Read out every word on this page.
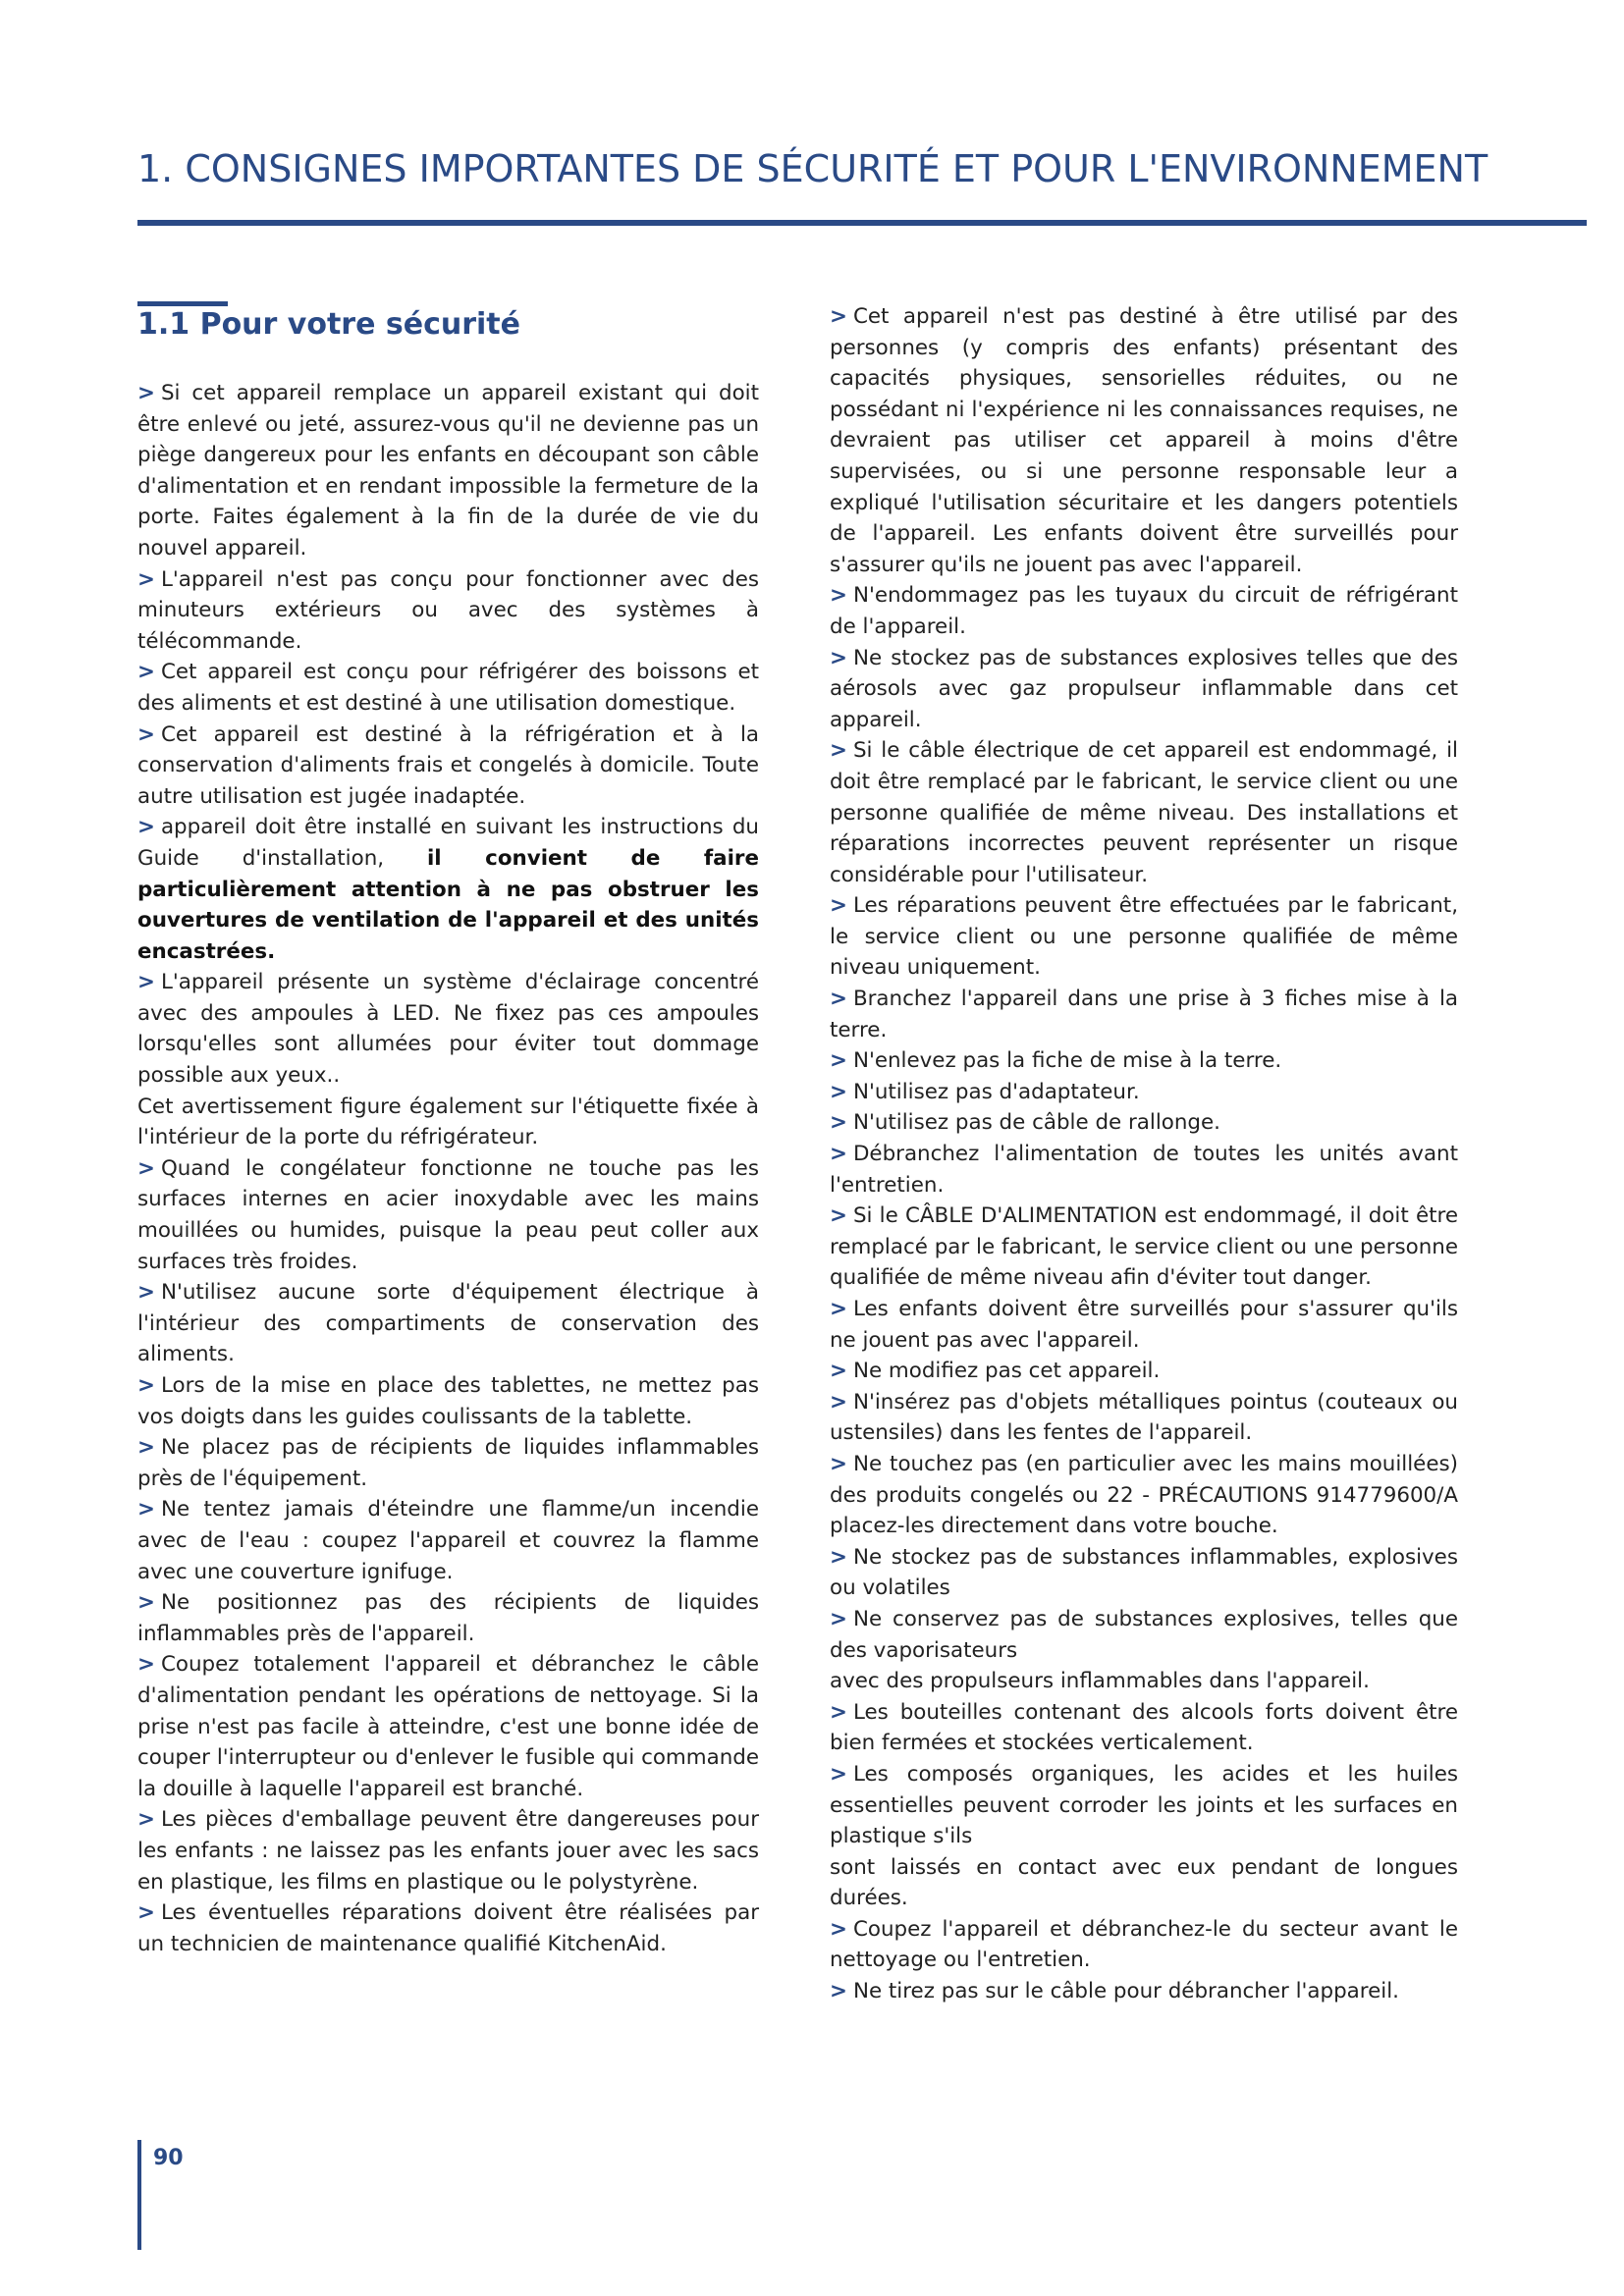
1. CONSIGNES IMPORTANTES DE SÉCURITÉ ET POUR L'ENVIRONNEMENT
1.1 Pour votre sécurité

> Si cet appareil remplace un appareil existant qui doit être enlevé ou jeté, assurez-vous qu'il ne devienne pas un piège dangereux pour les enfants en découpant son câble d'alimentation et en rendant impossible la fermeture de la porte. Faites également à la fin de la durée de vie du nouvel appareil.

> L'appareil n'est pas conçu pour fonctionner avec des minuteurs extérieurs ou avec des systèmes à télécommande.

> Cet appareil est conçu pour réfrigérer des boissons et des aliments et est destiné à une utilisation domestique.

> Cet appareil est destiné à la réfrigération et à la conservation d'aliments frais et congelés à domicile. Toute autre utilisation est jugée inadaptée.

> appareil doit être installé en suivant les instructions du Guide d'installation, il convient de faire particulièrement attention à ne pas obstruer les ouvertures de ventilation de l'appareil et des unités encastrées.

> L'appareil présente un système d'éclairage concentré avec des ampoules à LED. Ne fixez pas ces ampoules lorsqu'elles sont allumées pour éviter tout dommage possible aux yeux..

Cet avertissement figure également sur l'étiquette fixée à l'intérieur de la porte du réfrigérateur.

> Quand le congélateur fonctionne ne touche pas les surfaces internes en acier inoxydable avec les mains mouillées ou humides, puisque la peau peut coller aux surfaces très froides.

> N'utilisez aucune sorte d'équipement électrique à l'intérieur des compartiments de conservation des aliments.

> Lors de la mise en place des tablettes, ne mettez pas vos doigts dans les guides coulissants de la tablette.

> Ne placez pas de récipients de liquides inflammables près de l'équipement.

> Ne tentez jamais d'éteindre une flamme/un incendie avec de l'eau : coupez l'appareil et couvrez la flamme avec une couverture ignifuge.

> Ne positionnez pas des récipients de liquides inflammables près de l'appareil.

> Coupez totalement l'appareil et débranchez le câble d'alimentation pendant les opérations de nettoyage. Si la prise n'est pas facile à atteindre, c'est une bonne idée de couper l'interrupteur ou d'enlever le fusible qui commande la douille à laquelle l'appareil est branché.

> Les pièces d'emballage peuvent être dangereuses pour les enfants : ne laissez pas les enfants jouer avec les sacs en plastique, les films en plastique ou le polystyrène.

> Les éventuelles réparations doivent être réalisées par un technicien de maintenance qualifié KitchenAid.

> Cet appareil n'est pas destiné à être utilisé par des personnes (y compris des enfants) présentant des capacités physiques, sensorielles réduites, ou ne possédant ni l'expérience ni les connaissances requises, ne devraient pas utiliser cet appareil à moins d'être supervisées, ou si une personne responsable leur a expliqué l'utilisation sécuritaire et les dangers potentiels de l'appareil. Les enfants doivent être surveillés pour s'assurer qu'ils ne jouent pas avec l'appareil.

> N'endommagez pas les tuyaux du circuit de réfrigérant de l'appareil.

> Ne stockez pas de substances explosives telles que des aérosols avec gaz propulseur inflammable dans cet appareil.

> Si le câble électrique de cet appareil est endommagé, il doit être remplacé par le fabricant, le service client ou une personne qualifiée de même niveau. Des installations et réparations incorrectes peuvent représenter un risque considérable pour l'utilisateur.

> Les réparations peuvent être effectuées par le fabricant, le service client ou une personne qualifiée de même niveau uniquement.

> Branchez l'appareil dans une prise à 3 fiches mise à la terre.

> N'enlevez pas la fiche de mise à la terre.

> N'utilisez pas d'adaptateur.

> N'utilisez pas de câble de rallonge.

> Débranchez l'alimentation de toutes les unités avant l'entretien.

> Si le CÂBLE D'ALIMENTATION est endommagé, il doit être remplacé par le fabricant, le service client ou une personne qualifiée de même niveau afin d'éviter tout danger.

> Les enfants doivent être surveillés pour s'assurer qu'ils ne jouent pas avec l'appareil.

> Ne modifiez pas cet appareil.

> N'insérez pas d'objets métalliques pointus (couteaux ou ustensiles) dans les fentes de l'appareil.

> Ne touchez pas (en particulier avec les mains mouillées) des produits congelés ou 22 - PRÉCAUTIONS 914779600/A placez-les directement dans votre bouche.

> Ne stockez pas de substances inflammables, explosives ou volatiles

> Ne conservez pas de substances explosives, telles que des vaporisateurs

avec des propulseurs inflammables dans l'appareil.

> Les bouteilles contenant des alcools forts doivent être bien fermées et stockées verticalement.

> Les composés organiques, les acides et les huiles essentielles peuvent corroder les joints et les surfaces en plastique s'ils

sont laissés en contact avec eux pendant de longues durées.

> Coupez l'appareil et débranchez-le du secteur avant le nettoyage ou l'entretien.

> Ne tirez pas sur le câble pour débrancher l'appareil.

90
